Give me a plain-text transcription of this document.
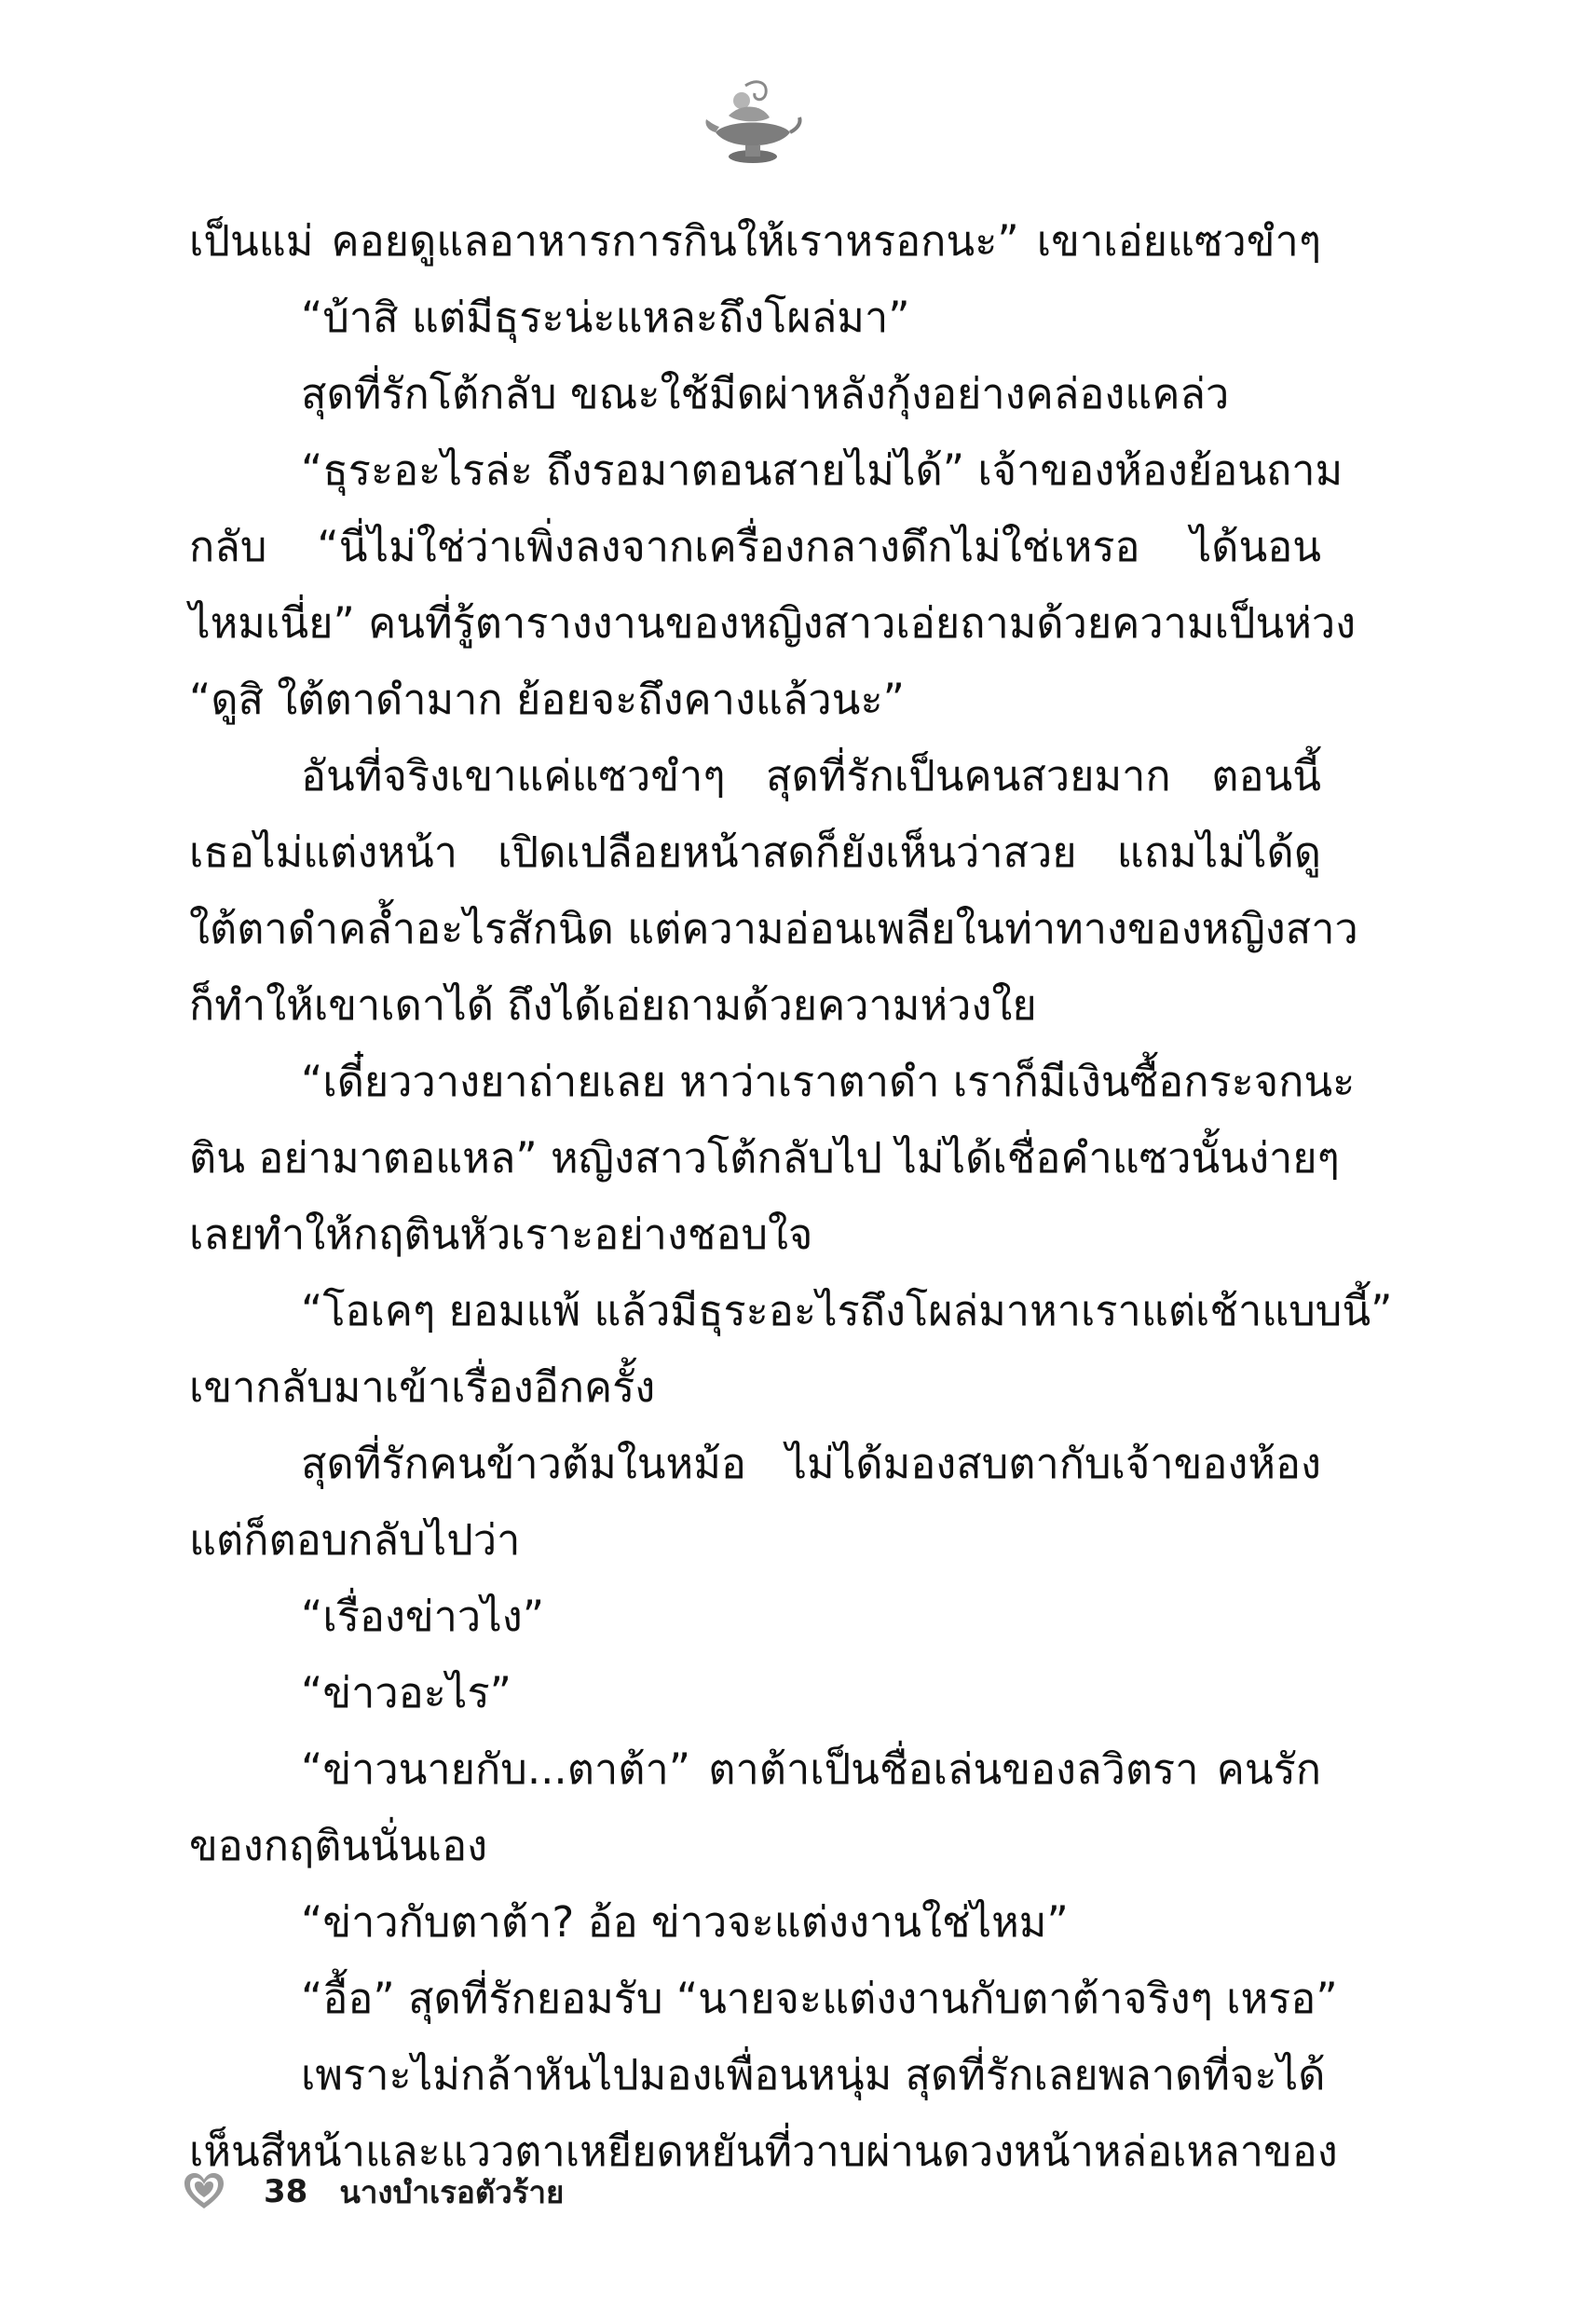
เป็นแม่ คอยดูแลอาหารการกินให้เราหรอกนะ” เขาเอ่ยแซวขำๆ
“บ้าสิ แต่มีธุระน่ะแหละถึงโผล่มา”
สุดที่รักโต้กลับ ขณะใช้มีดผ่าหลังกุ้งอย่างคล่องแคล่ว
“ธุระอะไรล่ะ ถึงรอมาตอนสายไม่ได้” เจ้าของห้องย้อนถาม
กลับ “นี่ไม่ใช่ว่าเพิ่งลงจากเครื่องกลางดึกไม่ใช่เหรอ ได้นอน
ไหมเนี่ย” คนที่รู้ตารางงานของหญิงสาวเอ่ยถามด้วยความเป็นห่วง
“ดูสิ ใต้ตาดำมาก ย้อยจะถึงคางแล้วนะ”
อันที่จริงเขาแค่แซวขำๆ สุดที่รักเป็นคนสวยมาก ตอนนี้
เธอไม่แต่งหน้า เปิดเปลือยหน้าสดก็ยังเห็นว่าสวย แถมไม่ได้ดู
ใต้ตาดำคล้ำอะไรสักนิด แต่ความอ่อนเพลียในท่าทางของหญิงสาว
ก็ทำให้เขาเดาได้ ถึงได้เอ่ยถามด้วยความห่วงใย
“เดี๋ยววางยาถ่ายเลย หาว่าเราตาดำ เราก็มีเงินซื้อกระจกนะ
ติน อย่ามาตอแหล” หญิงสาวโต้กลับไป ไม่ได้เชื่อคำแซวนั้นง่ายๆ
เลยทำให้กฤตินหัวเราะอย่างชอบใจ
“โอเคๆ ยอมแพ้ แล้วมีธุระอะไรถึงโผล่มาหาเราแต่เช้าแบบนี้”
เขากลับมาเข้าเรื่องอีกครั้ง
สุดที่รักคนข้าวต้มในหม้อ ไม่ได้มองสบตากับเจ้าของห้อง
แต่ก็ตอบกลับไปว่า
“เรื่องข่าวไง”
“ข่าวอะไร”
“ข่าวนายกับ...ตาต้า” ตาต้าเป็นชื่อเล่นของลวิตรา คนรัก
ของกฤตินนั่นเอง
“ข่าวกับตาต้า? อ้อ ข่าวจะแต่งงานใช่ไหม”
“อื้อ” สุดที่รักยอมรับ “นายจะแต่งงานกับตาต้าจริงๆ เหรอ”
เพราะไม่กล้าหันไปมองเพื่อนหนุ่ม สุดที่รักเลยพลาดที่จะได้
เห็นสีหน้าและแววตาเหยียดหยันที่วาบผ่านดวงหน้าหล่อเหลาของ
38 นางบำเรอตัวร้าย
